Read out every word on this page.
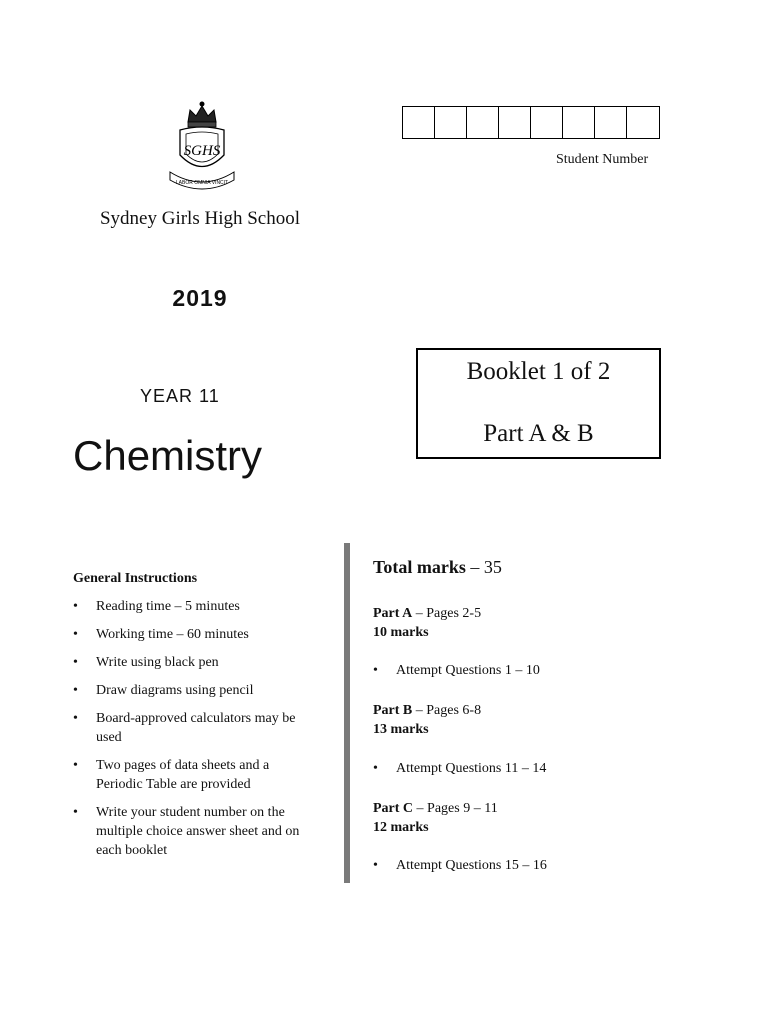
SGHS
LABOR OMNIA VINCIT
Sydney Girls High School
2019
YEAR 11
Chemistry
Student Number
Booklet 1 of 2
Part A & B
General Instructions
• Reading time – 5 minutes
• Working time – 60 minutes
• Write using black pen
• Draw diagrams using pencil
• Board-approved calculators may be used
• Two pages of data sheets and a Periodic Table are provided
• Write your student number on the multiple choice answer sheet and on each booklet
Total marks – 35
Part A – Pages 2-5
10 marks
• Attempt Questions 1 – 10
Part B – Pages 6-8
13 marks
• Attempt Questions 11 – 14
Part C – Pages 9 – 11
12 marks
• Attempt Questions 15 – 16
